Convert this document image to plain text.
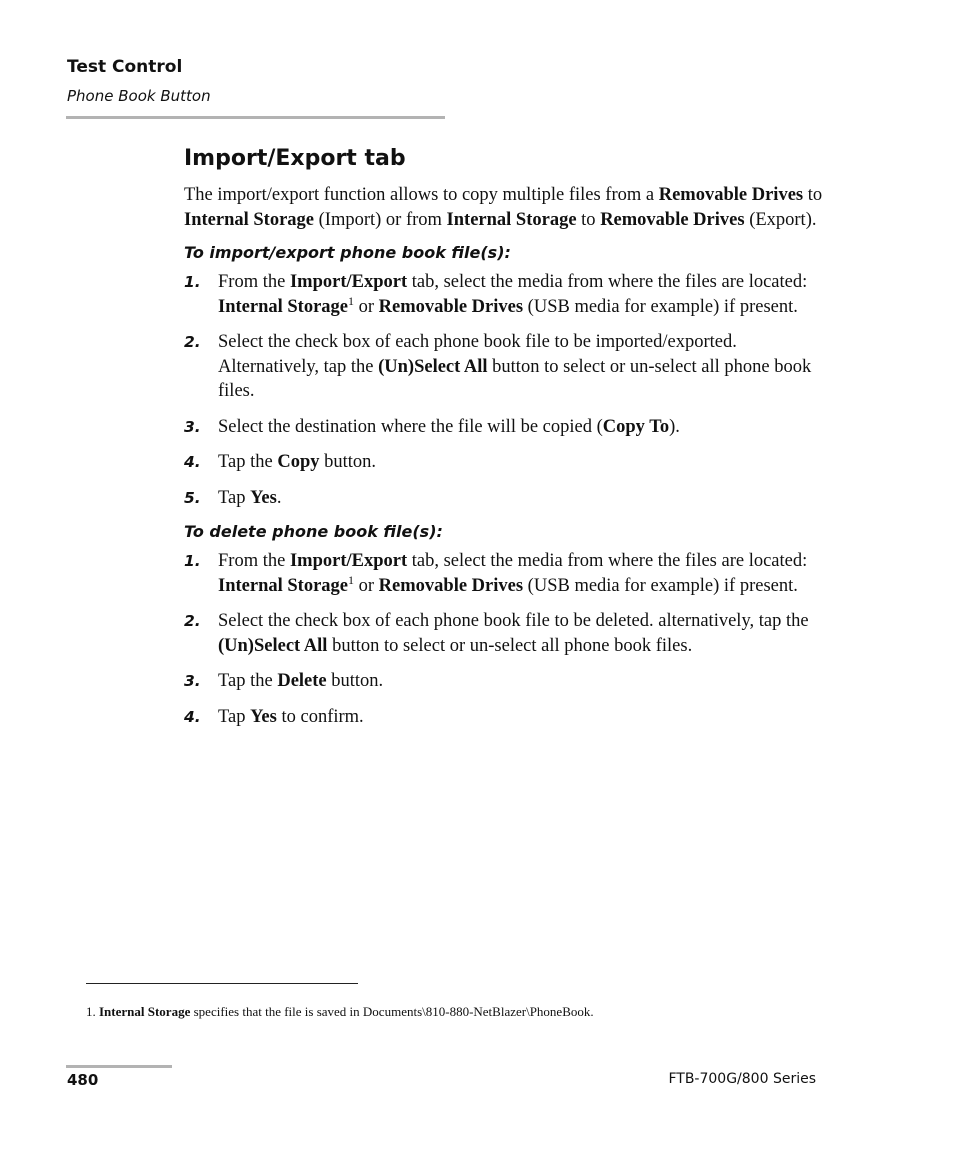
Test Control
Phone Book Button
Import/Export tab

The import/export function allows to copy multiple files from a Removable Drives to Internal Storage (Import) or from Internal Storage to Removable Drives (Export).

To import/export phone book file(s):
1. From the Import/Export tab, select the media from where the files are located: Internal Storage$^1$ or Removable Drives (USB media for example) if present.
2. Select the check box of each phone book file to be imported/exported. Alternatively, tap the (Un)Select All button to select or un-select all phone book files.
3. Select the destination where the file will be copied (Copy To).
4. Tap the Copy button.
5. Tap Yes.
To delete phone book file(s):
1. From the Import/Export tab, select the media from where the files are located: Internal Storage$^1$ or Removable Drives (USB media for example) if present.
2. Select the check box of each phone book file to be deleted. alternatively, tap the (Un)Select All button to select or un-select all phone book files.
3. Tap the Delete button.
4. Tap Yes to confirm.
1. Internal Storage specifies that the file is saved in Documents\810-880-NetBlazer\PhoneBook.
480	FTB-700G/800 Series
